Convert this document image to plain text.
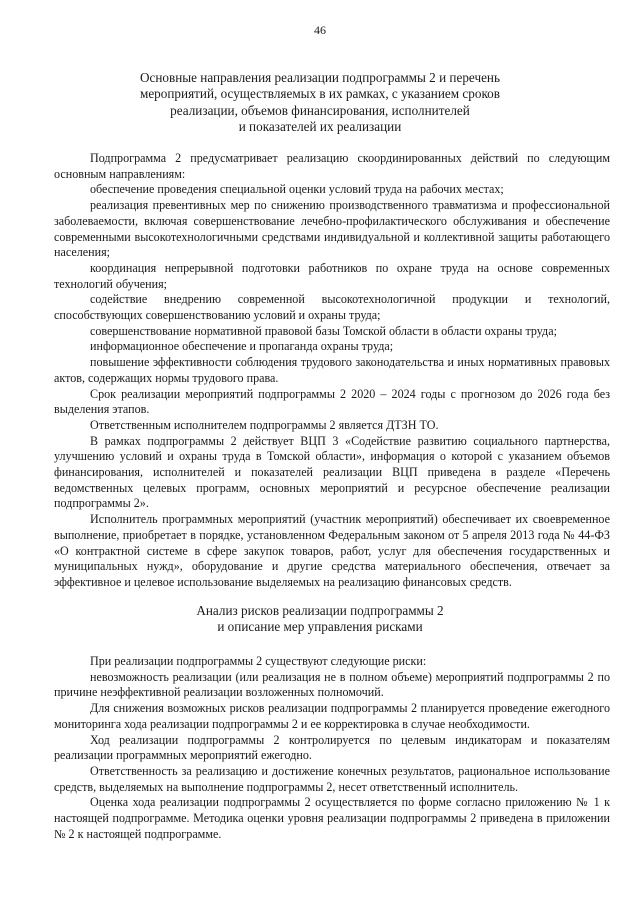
46
Основные направления реализации подпрограммы 2 и перечень
мероприятий, осуществляемых в их рамках, с указанием сроков
реализации, объемов финансирования, исполнителей
и показателей их реализации

Подпрограмма 2 предусматривает реализацию скоординированных действий по следующим основным направлениям:

обеспечение проведения специальной оценки условий труда на рабочих местах;

реализация превентивных мер по снижению производственного травматизма и профессиональной заболеваемости, включая совершенствование лечебно-профилактического обслуживания и обеспечение современными высокотехнологичными средствами индивидуальной и коллективной защиты работающего населения;

координация непрерывной подготовки работников по охране труда на основе современных технологий обучения;

содействие внедрению современной высокотехнологичной продукции и технологий, способствующих совершенствованию условий и охраны труда;

совершенствование нормативной правовой базы Томской области в области охраны труда;

информационное обеспечение и пропаганда охраны труда;

повышение эффективности соблюдения трудового законодательства и иных нормативных правовых актов, содержащих нормы трудового права.

Срок реализации мероприятий подпрограммы 2 2020 – 2024 годы с прогнозом до 2026 года без выделения этапов.

Ответственным исполнителем подпрограммы 2 является ДТЗН ТО.

В рамках подпрограммы 2 действует ВЦП 3 «Содействие развитию социального партнерства, улучшению условий и охраны труда в Томской области», информация о которой с указанием объемов финансирования, исполнителей и показателей реализации ВЦП приведена в разделе «Перечень ведомственных целевых программ, основных мероприятий и ресурсное обеспечение реализации подпрограммы 2».

Исполнитель программных мероприятий (участник мероприятий) обеспечивает их своевременное выполнение, приобретает в порядке, установленном Федеральным законом от 5 апреля 2013 года № 44-ФЗ «О контрактной системе в сфере закупок товаров, работ, услуг для обеспечения государственных и муниципальных нужд», оборудование и другие средства материального обеспечения, отвечает за эффективное и целевое использование выделяемых на реализацию финансовых средств.

Анализ рисков реализации подпрограммы 2
и описание мер управления рисками

При реализации подпрограммы 2 существуют следующие риски:

невозможность реализации (или реализация не в полном объеме) мероприятий подпрограммы 2 по причине неэффективной реализации возложенных полномочий.

Для снижения возможных рисков реализации подпрограммы 2 планируется проведение ежегодного мониторинга хода реализации подпрограммы 2 и ее корректировка в случае необходимости.

Ход реализации подпрограммы 2 контролируется по целевым индикаторам и показателям реализации программных мероприятий ежегодно.

Ответственность за реализацию и достижение конечных результатов, рациональное использование средств, выделяемых на выполнение подпрограммы 2, несет ответственный исполнитель.

Оценка хода реализации подпрограммы 2 осуществляется по форме согласно приложению № 1 к настоящей подпрограмме. Методика оценки уровня реализации подпрограммы 2 приведена в приложении № 2 к настоящей подпрограмме.
